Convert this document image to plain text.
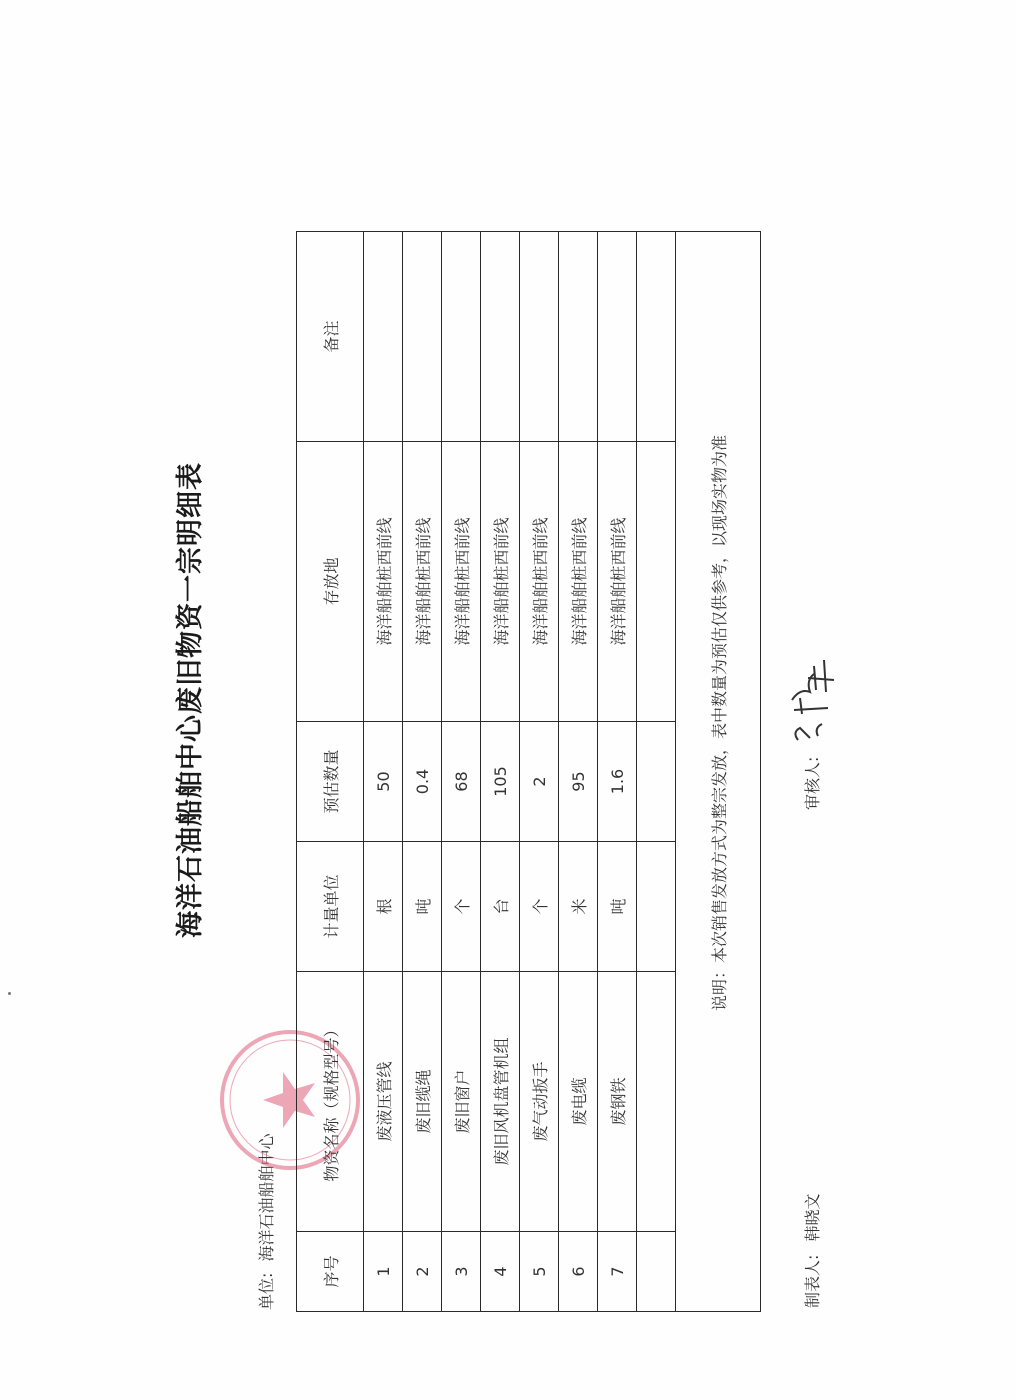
海洋石油船舶中心废旧物资一宗明细表
单位: 海洋石油船舶中心
序号	物资名称（规格型号）	计量单位	预估数量	存放地	备注
1	废液压管线	根	50	海洋船舶桩西前线	
2	废旧缆绳	吨	0.4	海洋船舶桩西前线	
3	废旧窗户	个	68	海洋船舶桩西前线	
4	废旧风机盘管机组	台	105	海洋船舶桩西前线	
5	废气动扳手	个	2	海洋船舶桩西前线	
6	废电缆	米	95	海洋船舶桩西前线	
7	废钢铁	吨	1.6	海洋船舶桩西前线	

说明：本次销售发放方式为整宗发放，表中数量为预估仅供参考，以现场实物为准					
制表人: 韩晓文
审核人:
